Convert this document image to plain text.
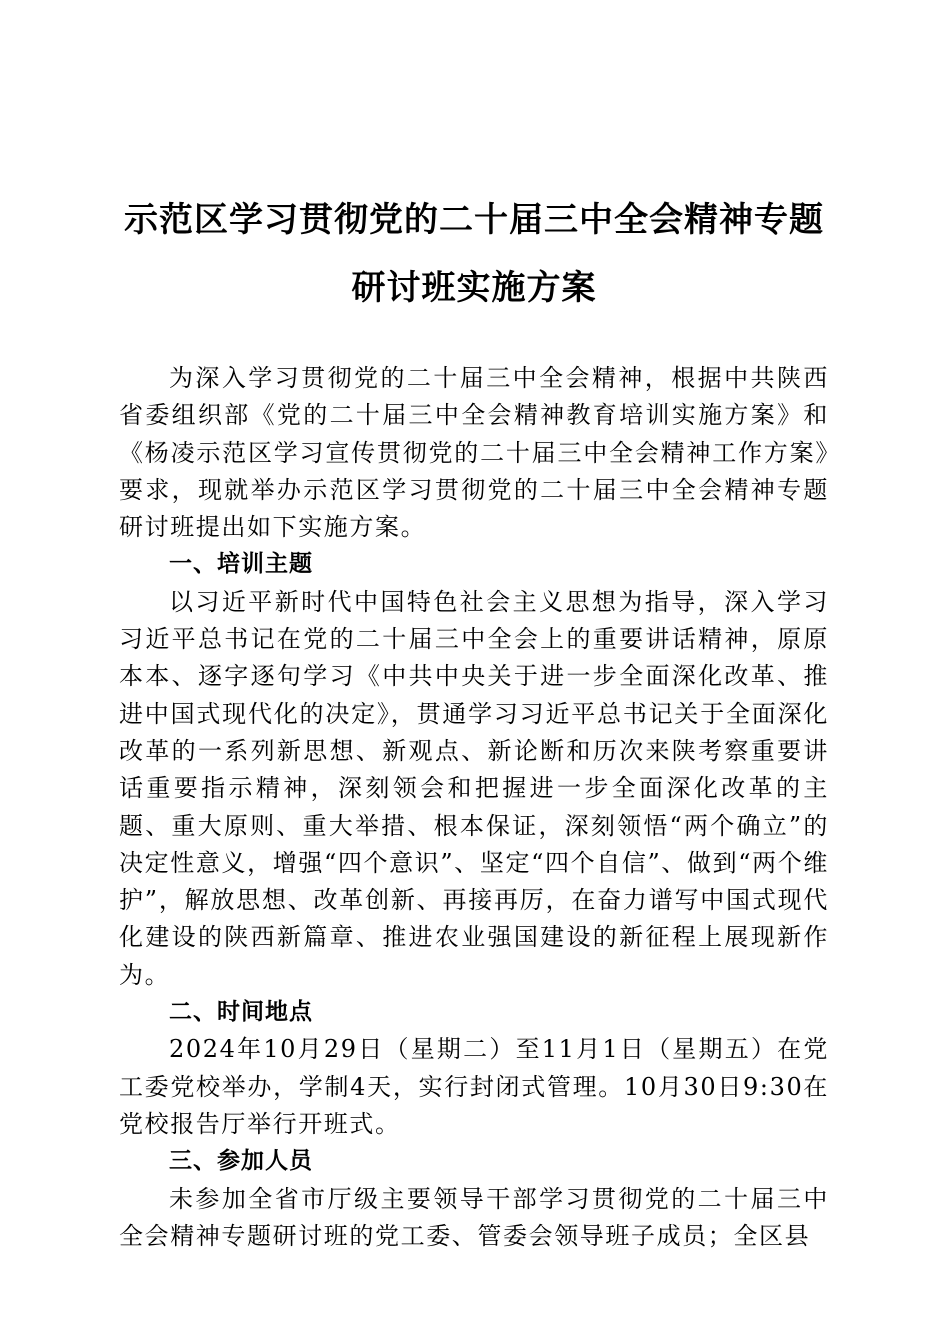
示范区学习贯彻党的二十届三中全会精神专题
研讨班实施方案

为深入学习贯彻党的二十届三中全会精神，根据中共陕西省委组织部《党的二十届三中全会精神教育培训实施方案》和《杨凌示范区学习宣传贯彻党的二十届三中全会精神工作方案》要求，现就举办示范区学习贯彻党的二十届三中全会精神专题研讨班提出如下实施方案。

一、培训主题

以习近平新时代中国特色社会主义思想为指导，深入学习习近平总书记在党的二十届三中全会上的重要讲话精神，原原本本、逐字逐句学习《中共中央关于进一步全面深化改革、推进中国式现代化的决定》，贯通学习习近平总书记关于全面深化改革的一系列新思想、新观点、新论断和历次来陕考察重要讲话重要指示精神，深刻领会和把握进一步全面深化改革的主题、重大原则、重大举措、根本保证，深刻领悟“两个确立”的决定性意义，增强“四个意识”、坚定“四个自信”、做到“两个维护”，解放思想、改革创新、再接再厉，在奋力谱写中国式现代化建设的陕西新篇章、推进农业强国建设的新征程上展现新作为。

二、时间地点

2024年10月29日（星期二）至11月1日（星期五）在党工委党校举办，学制4天，实行封闭式管理。10月30日9:30在党校报告厅举行开班式。

三、参加人员

未参加全省市厅级主要领导干部学习贯彻党的二十届三中全会精神专题研讨班的党工委、管委会领导班子成员；全区县
